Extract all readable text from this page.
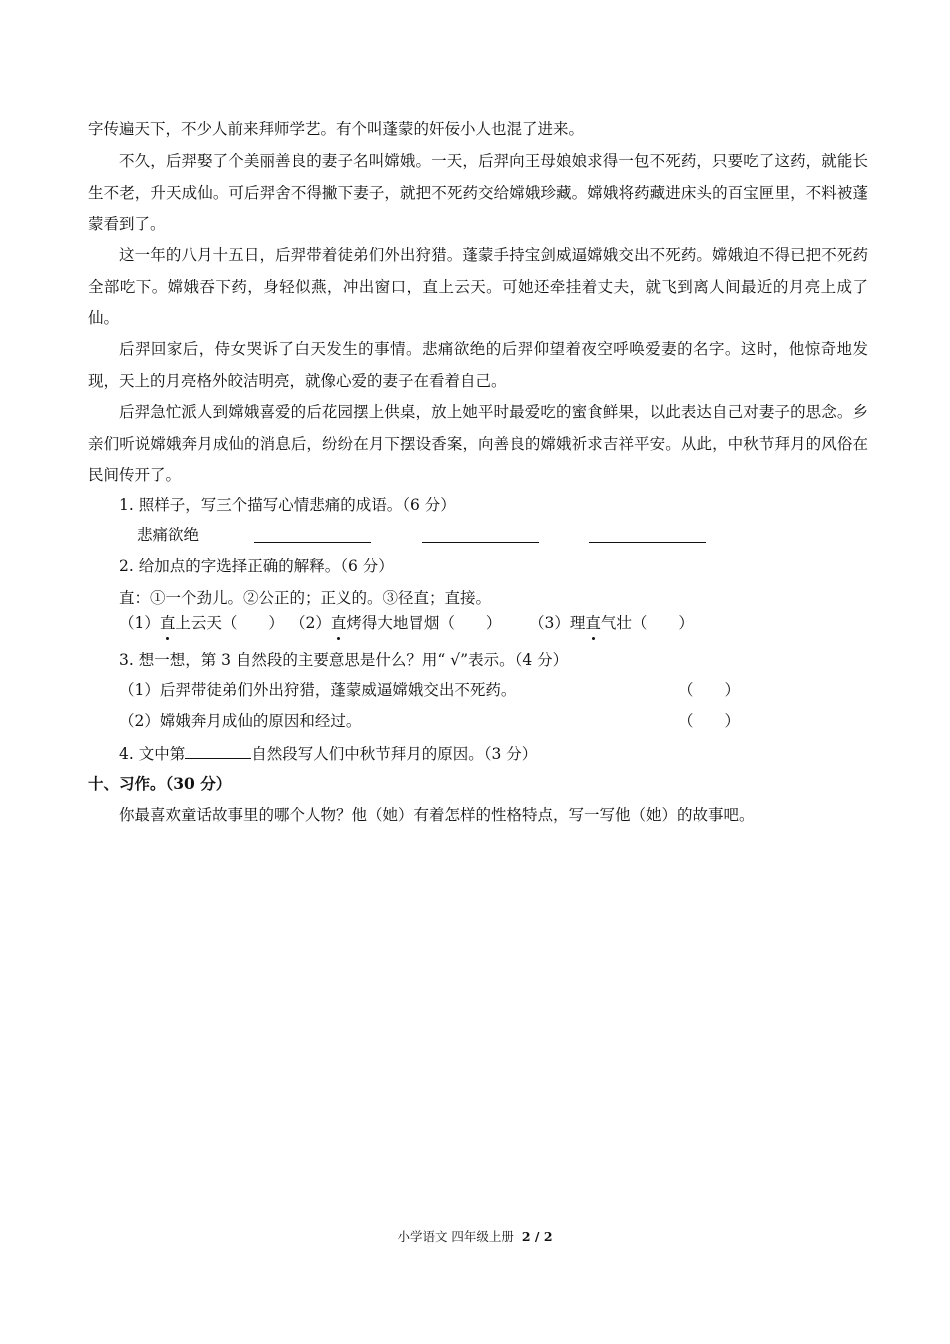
字传遍天下，不少人前来拜师学艺。有个叫蓬蒙的奸佞小人也混了进来。

不久，后羿娶了个美丽善良的妻子名叫嫦娥。一天，后羿向王母娘娘求得一包不死药，只要吃了这药，就能长生不老，升天成仙。可后羿舍不得撇下妻子，就把不死药交给嫦娥珍藏。嫦娥将药藏进床头的百宝匣里，不料被蓬蒙看到了。

这一年的八月十五日，后羿带着徒弟们外出狩猎。蓬蒙手持宝剑威逼嫦娥交出不死药。嫦娥迫不得已把不死药全部吃下。嫦娥吞下药，身轻似燕，冲出窗口，直上云天。可她还牵挂着丈夫，就飞到离人间最近的月亮上成了仙。

后羿回家后，侍女哭诉了白天发生的事情。悲痛欲绝的后羿仰望着夜空呼唤爱妻的名字。这时，他惊奇地发现，天上的月亮格外皎洁明亮，就像心爱的妻子在看着自己。

后羿急忙派人到嫦娥喜爱的后花园摆上供桌，放上她平时最爱吃的蜜食鲜果，以此表达自己对妻子的思念。乡亲们听说嫦娥奔月成仙的消息后，纷纷在月下摆设香案，向善良的嫦娥祈求吉祥平安。从此，中秋节拜月的风俗在民间传开了。

1. 照样子，写三个描写心情悲痛的成语。（6 分）

悲痛欲绝

2. 给加点的字选择正确的解释。（6 分）

直：①一个劲儿。②公正的；正义的。③径直；直接。

（1）直上云天（　　） （2）直烤得大地冒烟（　　） （3）理直气壮（　　）

3. 想一想，第 3 自然段的主要意思是什么？用“ √”表示。（4 分）

（1）后羿带徒弟们外出狩猎，蓬蒙威逼嫦娥交出不死药。	（　　）

（2）嫦娥奔月成仙的原因和经过。	（　　）

4. 文中第	自然段写人们中秋节拜月的原因。（3 分）

十、习作。（30 分）

你最喜欢童话故事里的哪个人物？他（她）有着怎样的性格特点，写一写他（她）的故事吧。

小学语文 四年级上册 2 / 2
